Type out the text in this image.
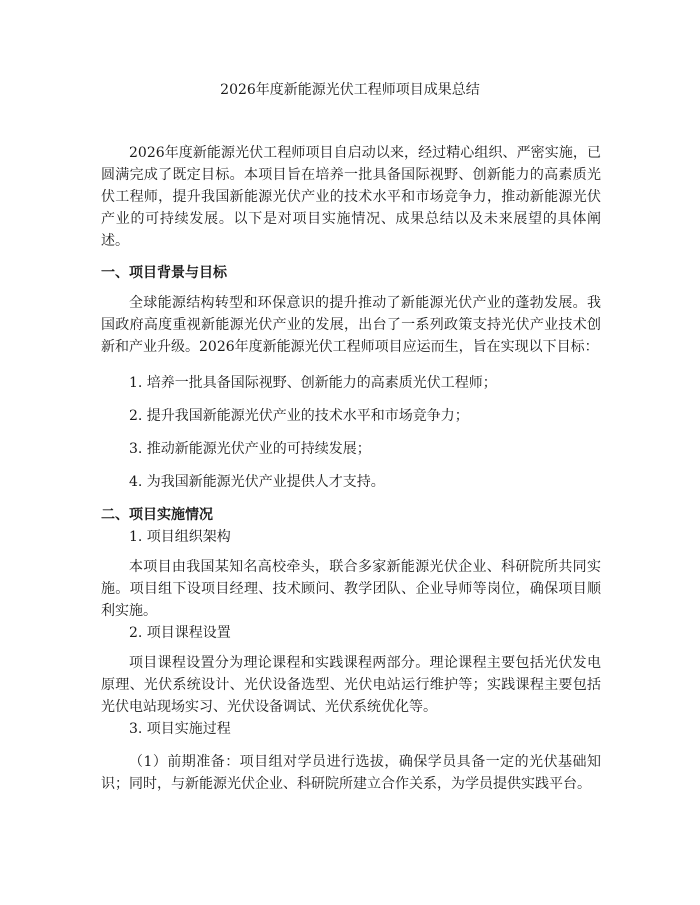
2026年度新能源光伏工程师项目成果总结

2026年度新能源光伏工程师项目自启动以来，经过精心组织、严密实施，已圆满完成了既定目标。本项目旨在培养一批具备国际视野、创新能力的高素质光伏工程师，提升我国新能源光伏产业的技术水平和市场竞争力，推动新能源光伏产业的可持续发展。以下是对项目实施情况、成果总结以及未来展望的具体阐述。

一、项目背景与目标

全球能源结构转型和环保意识的提升推动了新能源光伏产业的蓬勃发展。我国政府高度重视新能源光伏产业的发展，出台了一系列政策支持光伏产业技术创新和产业升级。2026年度新能源光伏工程师项目应运而生，旨在实现以下目标：

1. 培养一批具备国际视野、创新能力的高素质光伏工程师；

2. 提升我国新能源光伏产业的技术水平和市场竞争力；

3. 推动新能源光伏产业的可持续发展；

4. 为我国新能源光伏产业提供人才支持。

二、项目实施情况

1. 项目组织架构

本项目由我国某知名高校牵头，联合多家新能源光伏企业、科研院所共同实施。项目组下设项目经理、技术顾问、教学团队、企业导师等岗位，确保项目顺利实施。

2. 项目课程设置

项目课程设置分为理论课程和实践课程两部分。理论课程主要包括光伏发电原理、光伏系统设计、光伏设备选型、光伏电站运行维护等；实践课程主要包括光伏电站现场实习、光伏设备调试、光伏系统优化等。

3. 项目实施过程

（1）前期准备：项目组对学员进行选拔，确保学员具备一定的光伏基础知识；同时，与新能源光伏企业、科研院所建立合作关系，为学员提供实践平台。
